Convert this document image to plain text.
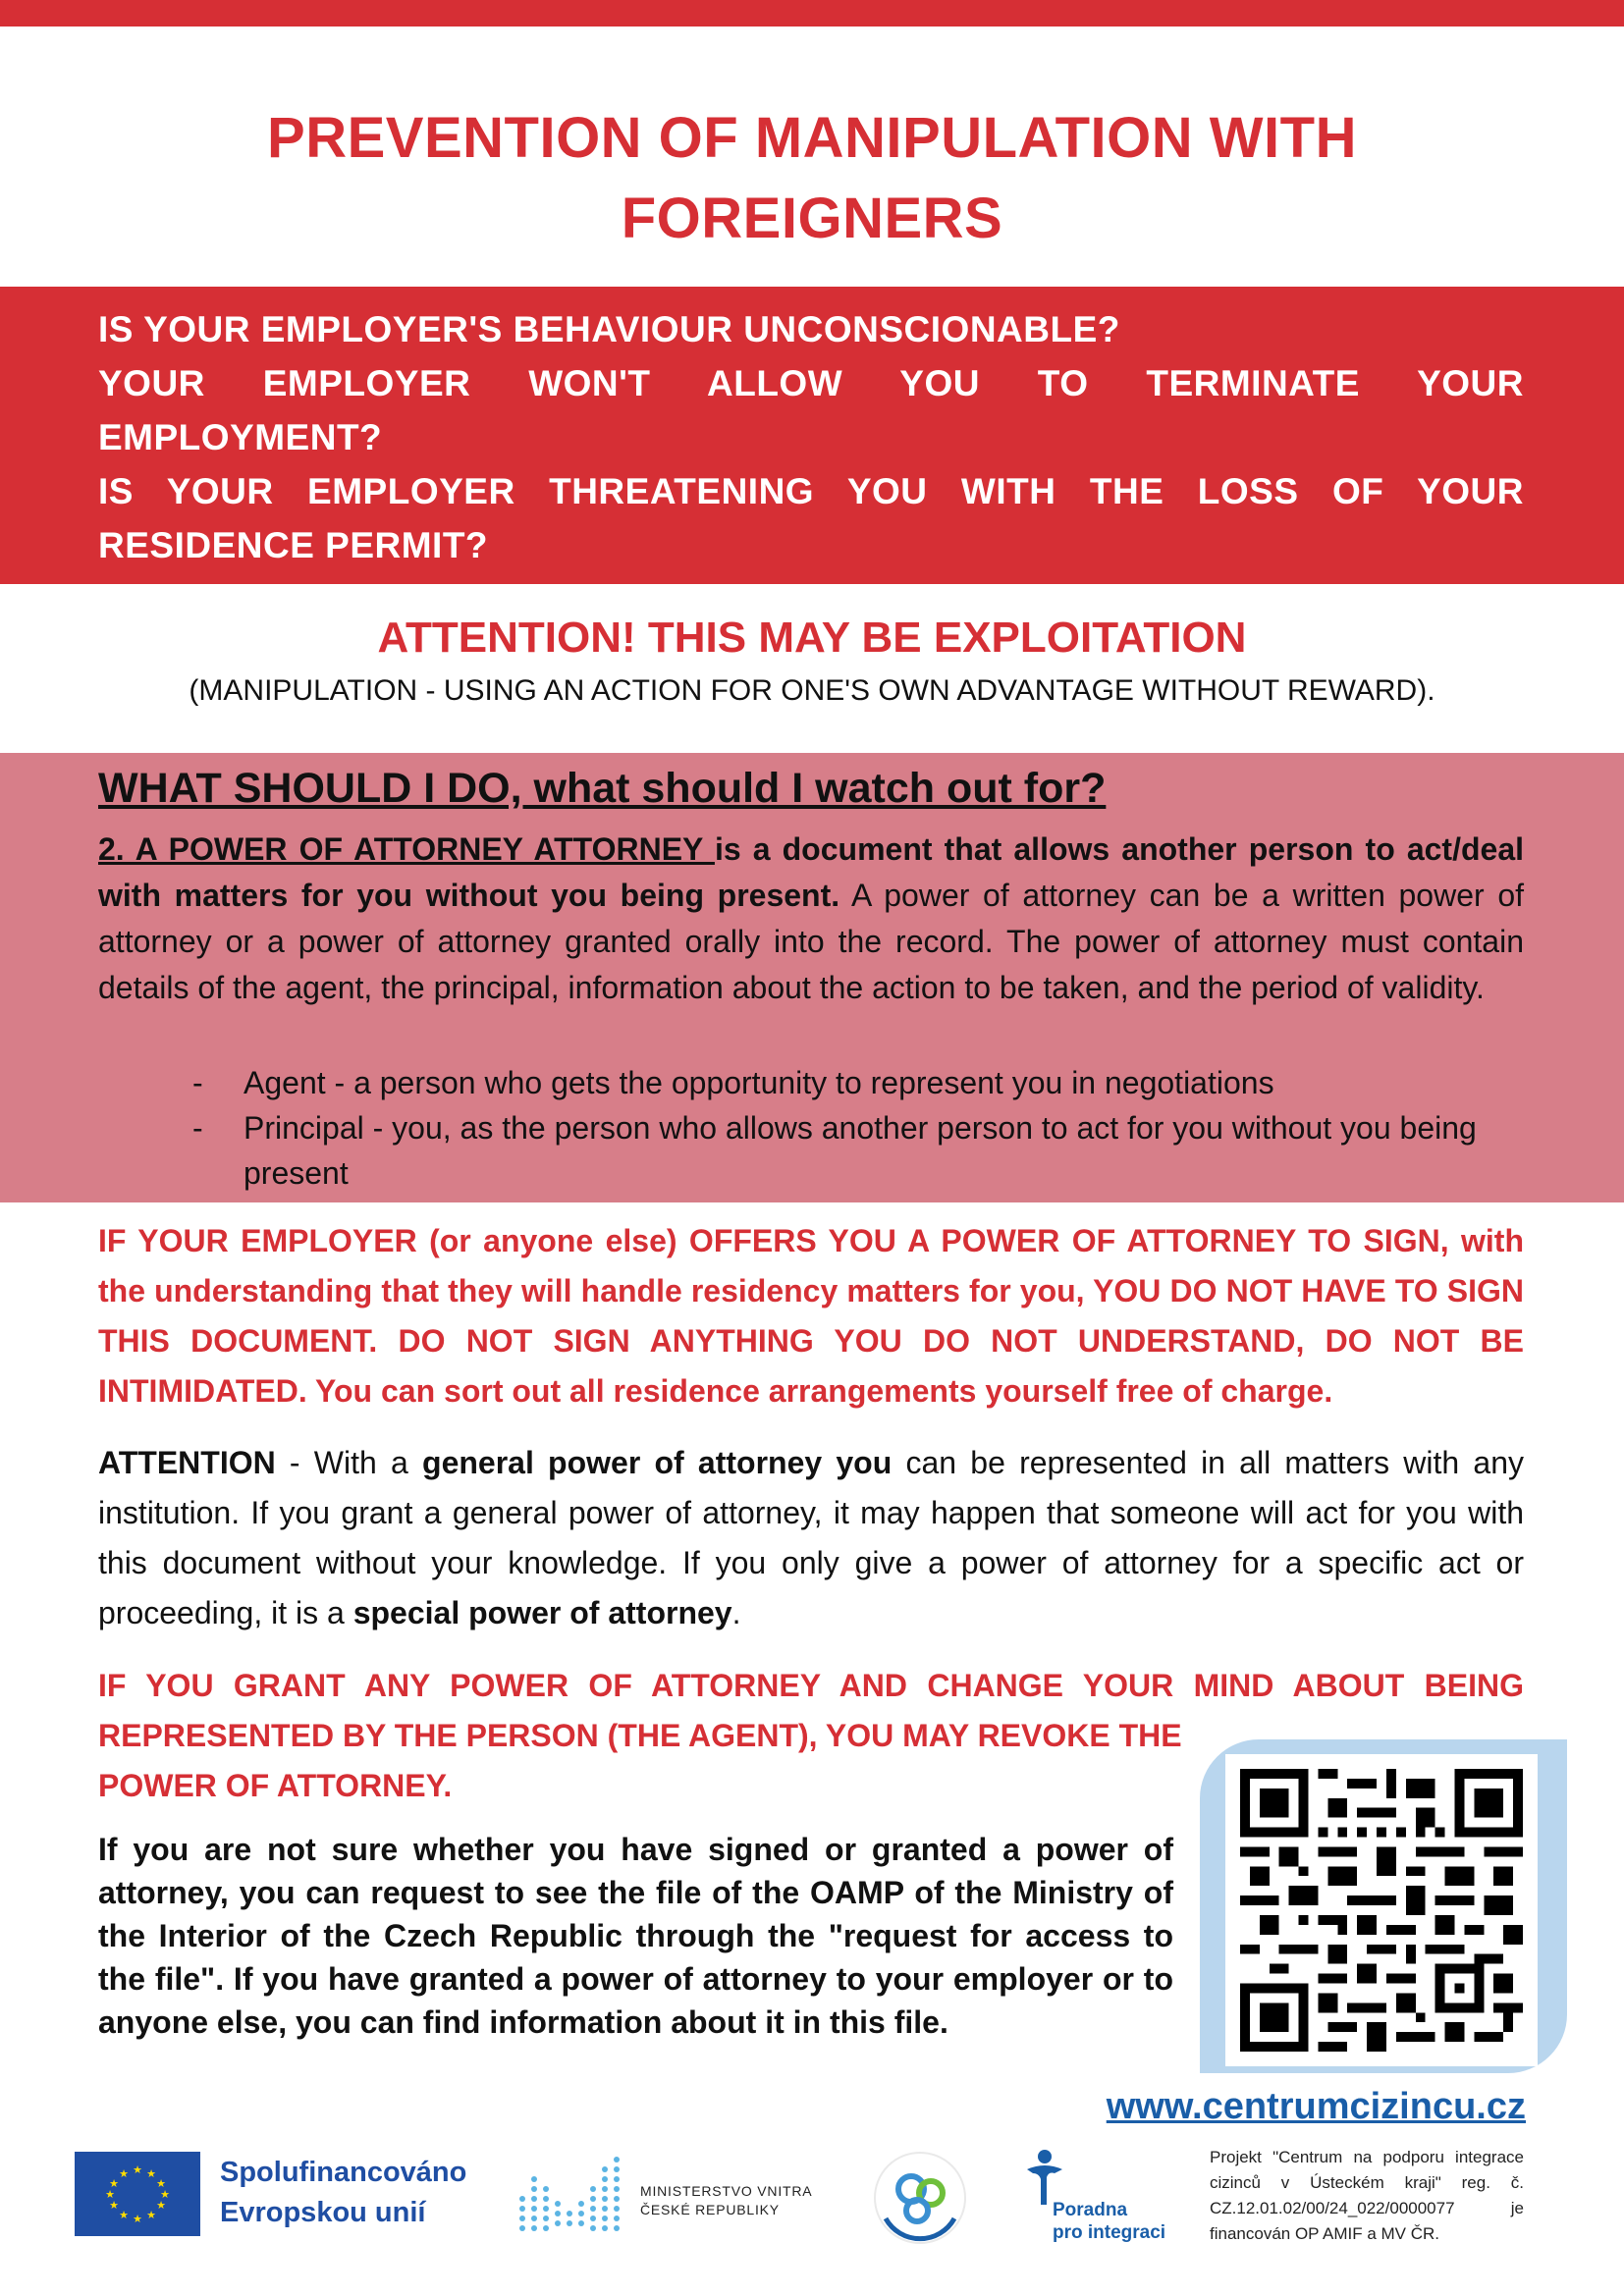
PREVENTION OF MANIPULATION WITH
FOREIGNERS
IS YOUR EMPLOYER'S BEHAVIOUR UNCONSCIONABLE?
YOUR EMPLOYER WON'T ALLOW YOU TO TERMINATE YOUR
EMPLOYMENT?
IS YOUR EMPLOYER THREATENING YOU WITH THE LOSS OF YOUR
RESIDENCE PERMIT?
ATTENTION! THIS MAY BE EXPLOITATION
(MANIPULATION - USING AN ACTION FOR ONE'S OWN ADVANTAGE WITHOUT REWARD).
WHAT SHOULD I DO, what should I watch out for?
2. A POWER OF ATTORNEY ATTORNEY is a document that allows another person to act/deal with matters for you without you being present. A power of attorney can be a written power of attorney or a power of attorney granted orally into the record. The power of attorney must contain details of the agent, the principal, information about the action to be taken, and the period of validity.
- Agent - a person who gets the opportunity to represent you in negotiations
- Principal - you, as the person who allows another person to act for you without you being present
IF YOUR EMPLOYER (or anyone else) OFFERS YOU A POWER OF ATTORNEY TO SIGN, with the understanding that they will handle residency matters for you, YOU DO NOT HAVE TO SIGN THIS DOCUMENT. DO NOT SIGN ANYTHING YOU DO NOT UNDERSTAND, DO NOT BE INTIMIDATED. You can sort out all residence arrangements yourself free of charge.
ATTENTION - With a general power of attorney you can be represented in all matters with any institution. If you grant a general power of attorney, it may happen that someone will act for you with this document without your knowledge. If you only give a power of attorney for a specific act or proceeding, it is a special power of attorney.
IF YOU GRANT ANY POWER OF ATTORNEY AND CHANGE YOUR MIND ABOUT BEING
REPRESENTED BY THE PERSON (THE AGENT), YOU MAY REVOKE THE POWER OF ATTORNEY.
If you are not sure whether you have signed or granted a power of attorney, you can request to see the file of the OAMP of the Ministry of the Interior of the Czech Republic through the "request for access to the file". If you have granted a power of attorney to your employer or to anyone else, you can find information about it in this file.
www.centrumcizincu.cz
★ ★
★
★
★
★
★
★
★
★
★
★	Spolufinancováno
Evropskou unií
MINISTERSTVO VNITRA
ČESKÉ REPUBLIKY	Poradna
pro integraci
Projekt "Centrum na podporu integrace cizinců v Ústeckém kraji" reg. č. CZ.12.01.02/00/24_022/0000077 je financován OP AMIF a MV ČR.
